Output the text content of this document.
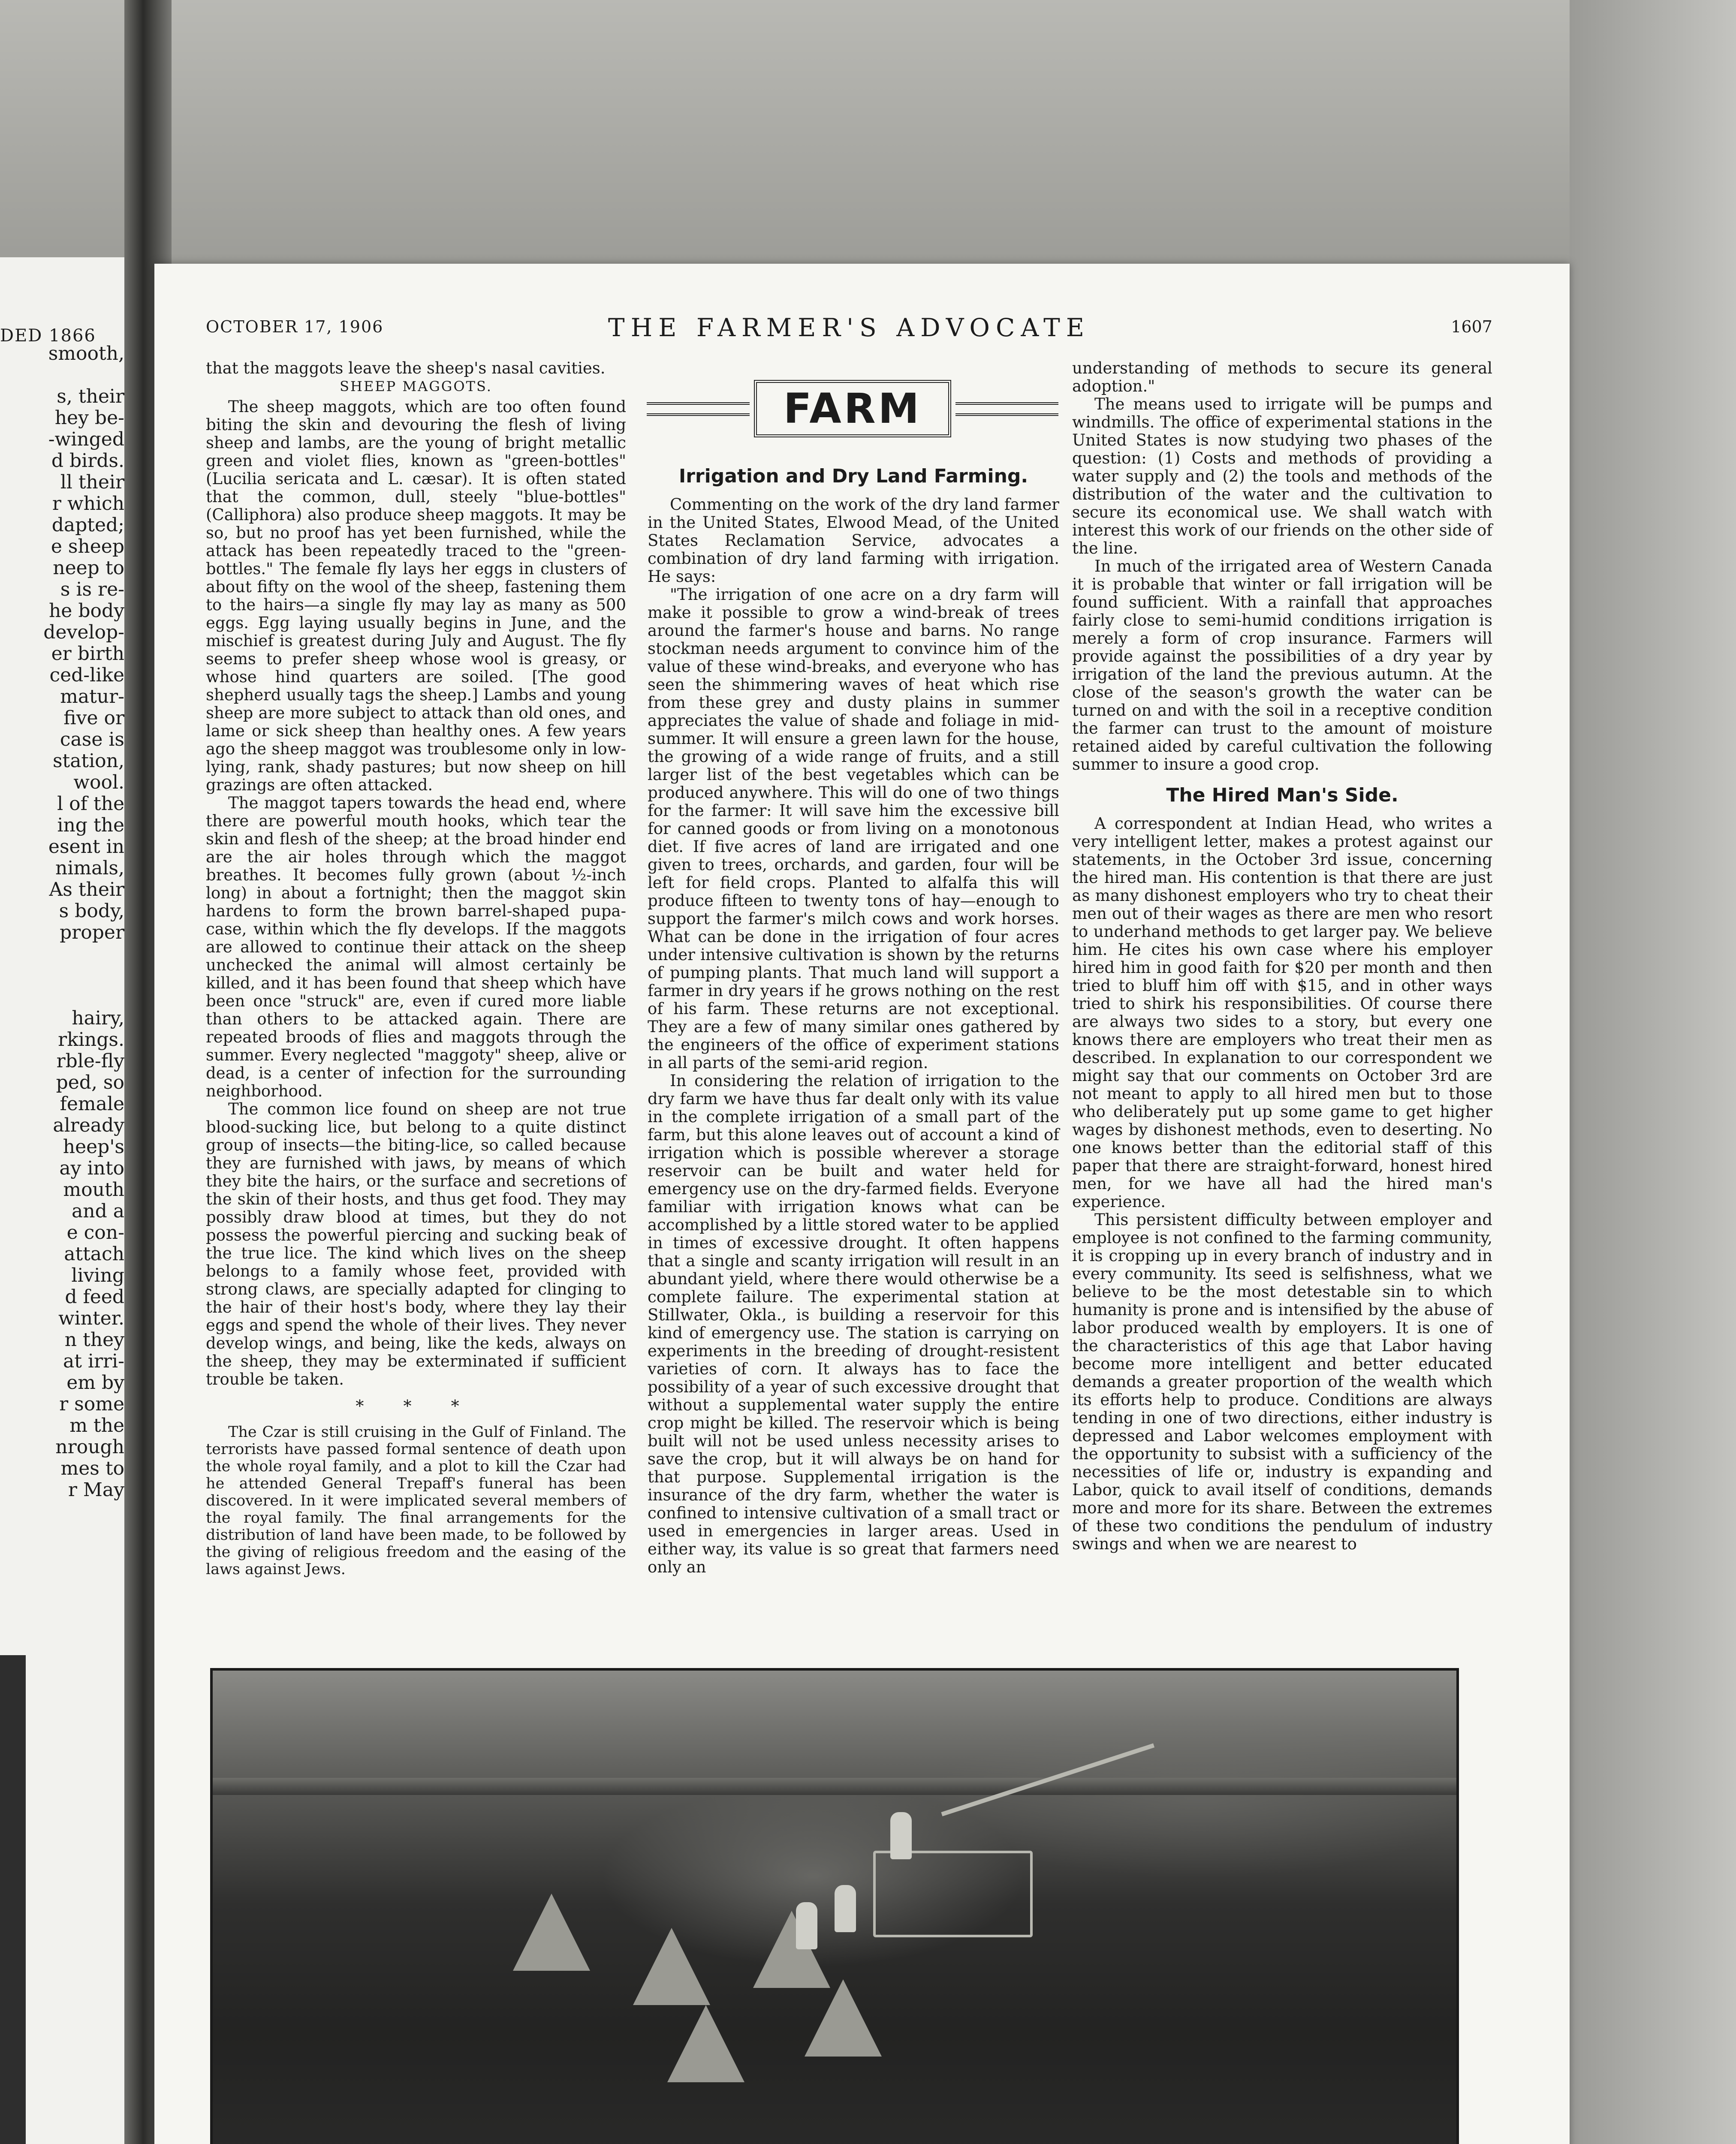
DED 1866
smooth,

s, their
hey be-
-winged
d birds.
ll their
r which
dapted;
e sheep
neep to
s is re-
he body
develop-
er birth
ced-like
matur-
five or
case is
station,
wool.
l of the
ing the
esent in
nimals,
As their
s body,
proper

hairy,
rkings.
rble-fly
ped, so
female
already
heep's
ay into
mouth
and a
e con-
attach
living
d feed
winter.
n they
at irri-
em by
r some
m the
nrough
mes to
r May
OCTOBER 17, 1906	THE FARMER'S ADVOCATE	1607

that the maggots leave the sheep's nasal cavities.

SHEEP MAGGOTS.

The sheep maggots, which are too often found biting the skin and devouring the flesh of living sheep and lambs, are the young of bright metallic green and violet flies, known as "green-bottles" (Lucilia sericata and L. cæsar). It is often stated that the common, dull, steely "blue-bottles" (Calliphora) also produce sheep maggots. It may be so, but no proof has yet been furnished, while the attack has been repeatedly traced to the "green-bottles." The female fly lays her eggs in clusters of about fifty on the wool of the sheep, fastening them to the hairs—a single fly may lay as many as 500 eggs. Egg laying usually begins in June, and the mischief is greatest during July and August. The fly seems to prefer sheep whose wool is greasy, or whose hind quarters are soiled. [The good shepherd usually tags the sheep.] Lambs and young sheep are more subject to attack than old ones, and lame or sick sheep than healthy ones. A few years ago the sheep maggot was troublesome only in low-lying, rank, shady pastures; but now sheep on hill grazings are often attacked.

The maggot tapers towards the head end, where there are powerful mouth hooks, which tear the skin and flesh of the sheep; at the broad hinder end are the air holes through which the maggot breathes. It becomes fully grown (about ½-inch long) in about a fortnight; then the maggot skin hardens to form the brown barrel-shaped pupa-case, within which the fly develops. If the maggots are allowed to continue their attack on the sheep unchecked the animal will almost certainly be killed, and it has been found that sheep which have been once "struck" are, even if cured more liable than others to be attacked again. There are repeated broods of flies and maggots through the summer. Every neglected "maggoty" sheep, alive or dead, is a center of infection for the surrounding neighborhood.

The common lice found on sheep are not true blood-sucking lice, but belong to a quite distinct group of insects—the biting-lice, so called because they are furnished with jaws, by means of which they bite the hairs, or the surface and secretions of the skin of their hosts, and thus get food. They may possibly draw blood at times, but they do not possess the powerful piercing and sucking beak of the true lice. The kind which lives on the sheep belongs to a family whose feet, provided with strong claws, are specially adapted for clinging to the hair of their host's body, where they lay their eggs and spend the whole of their lives. They never develop wings, and being, like the keds, always on the sheep, they may be exterminated if sufficient trouble be taken.

* * *

The Czar is still cruising in the Gulf of Finland. The terrorists have passed formal sentence of death upon the whole royal family, and a plot to kill the Czar had he attended General Trepaff's funeral has been discovered. In it were implicated several members of the royal family. The final arrangements for the distribution of land have been made, to be followed by the giving of religious freedom and the easing of the laws against Jews.

FARM
Irrigation and Dry Land Farming.

Commenting on the work of the dry land farmer in the United States, Elwood Mead, of the United States Reclamation Service, advocates a combination of dry land farming with irrigation. He says:

"The irrigation of one acre on a dry farm will make it possible to grow a wind-break of trees around the farmer's house and barns. No range stockman needs argument to convince him of the value of these wind-breaks, and everyone who has seen the shimmering waves of heat which rise from these grey and dusty plains in summer appreciates the value of shade and foliage in mid-summer. It will ensure a green lawn for the house, the growing of a wide range of fruits, and a still larger list of the best vegetables which can be produced anywhere. This will do one of two things for the farmer: It will save him the excessive bill for canned goods or from living on a monotonous diet. If five acres of land are irrigated and one given to trees, orchards, and garden, four will be left for field crops. Planted to alfalfa this will produce fifteen to twenty tons of hay—enough to support the farmer's milch cows and work horses. What can be done in the irrigation of four acres under intensive cultivation is shown by the returns of pumping plants. That much land will support a farmer in dry years if he grows nothing on the rest of his farm. These returns are not exceptional. They are a few of many similar ones gathered by the engineers of the office of experiment stations in all parts of the semi-arid region.

In considering the relation of irrigation to the dry farm we have thus far dealt only with its value in the complete irrigation of a small part of the farm, but this alone leaves out of account a kind of irrigation which is possible wherever a storage reservoir can be built and water held for emergency use on the dry-farmed fields. Everyone familiar with irrigation knows what can be accomplished by a little stored water to be applied in times of excessive drought. It often happens that a single and scanty irrigation will result in an abundant yield, where there would otherwise be a complete failure. The experimental station at Stillwater, Okla., is building a reservoir for this kind of emergency use. The station is carrying on experiments in the breeding of drought-resistent varieties of corn. It always has to face the possibility of a year of such excessive drought that without a supplemental water supply the entire crop might be killed. The reservoir which is being built will not be used unless necessity arises to save the crop, but it will always be on hand for that purpose. Supplemental irrigation is the insurance of the dry farm, whether the water is confined to intensive cultivation of a small tract or used in emergencies in larger areas. Used in either way, its value is so great that farmers need only an

understanding of methods to secure its general adoption."

The means used to irrigate will be pumps and windmills. The office of experimental stations in the United States is now studying two phases of the question: (1) Costs and methods of providing a water supply and (2) the tools and methods of the distribution of the water and the cultivation to secure its economical use. We shall watch with interest this work of our friends on the other side of the line.

In much of the irrigated area of Western Canada it is probable that winter or fall irrigation will be found sufficient. With a rainfall that approaches fairly close to semi-humid conditions irrigation is merely a form of crop insurance. Farmers will provide against the possibilities of a dry year by irrigation of the land the previous autumn. At the close of the season's growth the water can be turned on and with the soil in a receptive condition the farmer can trust to the amount of moisture retained aided by careful cultivation the following summer to insure a good crop.

The Hired Man's Side.

A correspondent at Indian Head, who writes a very intelligent letter, makes a protest against our statements, in the October 3rd issue, concerning the hired man. His contention is that there are just as many dishonest employers who try to cheat their men out of their wages as there are men who resort to underhand methods to get larger pay. We believe him. He cites his own case where his employer hired him in good faith for $20 per month and then tried to bluff him off with $15, and in other ways tried to shirk his responsibilities. Of course there are always two sides to a story, but every one knows there are employers who treat their men as described. In explanation to our correspondent we might say that our comments on October 3rd are not meant to apply to all hired men but to those who deliberately put up some game to get higher wages by dishonest methods, even to deserting. No one knows better than the editorial staff of this paper that there are straight-forward, honest hired men, for we have all had the hired man's experience.

This persistent difficulty between employer and employee is not confined to the farming community, it is cropping up in every branch of industry and in every community. Its seed is selfishness, what we believe to be the most detestable sin to which humanity is prone and is intensified by the abuse of labor produced wealth by employers. It is one of the characteristics of this age that Labor having become more intelligent and better educated demands a greater proportion of the wealth which its efforts help to produce. Conditions are always tending in one of two directions, either industry is depressed and Labor welcomes employment with the opportunity to subsist with a sufficiency of the necessities of life or, industry is expanding and Labor, quick to avail itself of conditions, demands more and more for its share. Between the extremes of these two conditions the pendulum of industry swings and when we are nearest to
